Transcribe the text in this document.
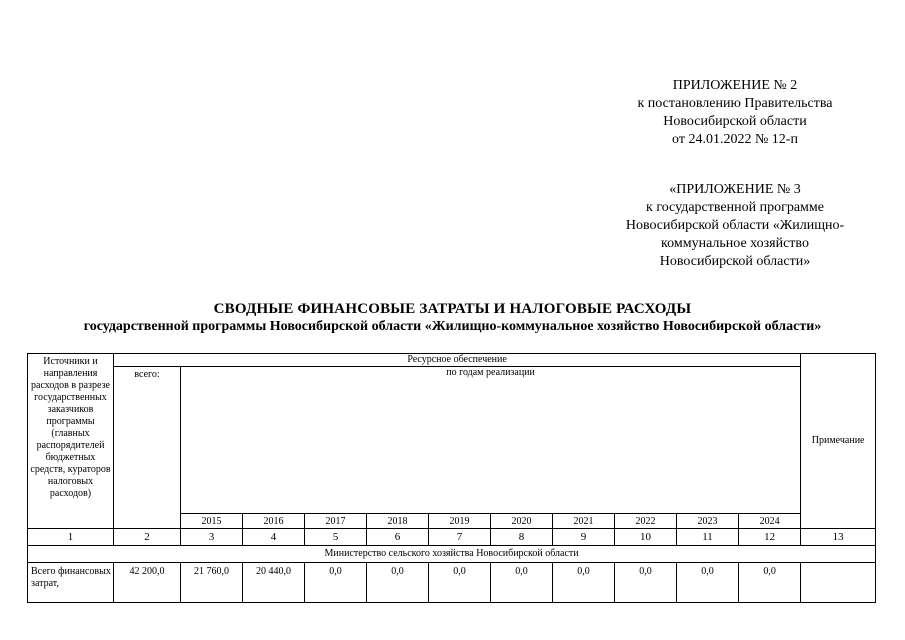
ПРИЛОЖЕНИЕ № 2
к постановлению Правительства
Новосибирской области
от 24.01.2022 № 12-п
«ПРИЛОЖЕНИЕ № 3
к государственной программе
Новосибирской области «Жилищно-
коммунальное хозяйство
Новосибирской области»
СВОДНЫЕ ФИНАНСОВЫЕ ЗАТРАТЫ И НАЛОГОВЫЕ РАСХОДЫ
государственной программы Новосибирской области «Жилищно-коммунальное хозяйство Новосибирской области»
Источники и направления расходов в разрезе государственных заказчиков программы (главных распорядителей бюджетных средств, кураторов налоговых расходов)	Ресурсное обеспечение											Примечание
	всего:	по годам реализации										
		2015	2016	2017	2018	2019	2020	2021	2022	2023	2024	
1	2	3	4	5	6	7	8	9	10	11	12	13
Министерство сельского хозяйства Новосибирской области												
Всего финансовых затрат,	42 200,0	21 760,0	20 440,0	0,0	0,0	0,0	0,0	0,0	0,0	0,0	0,0	
